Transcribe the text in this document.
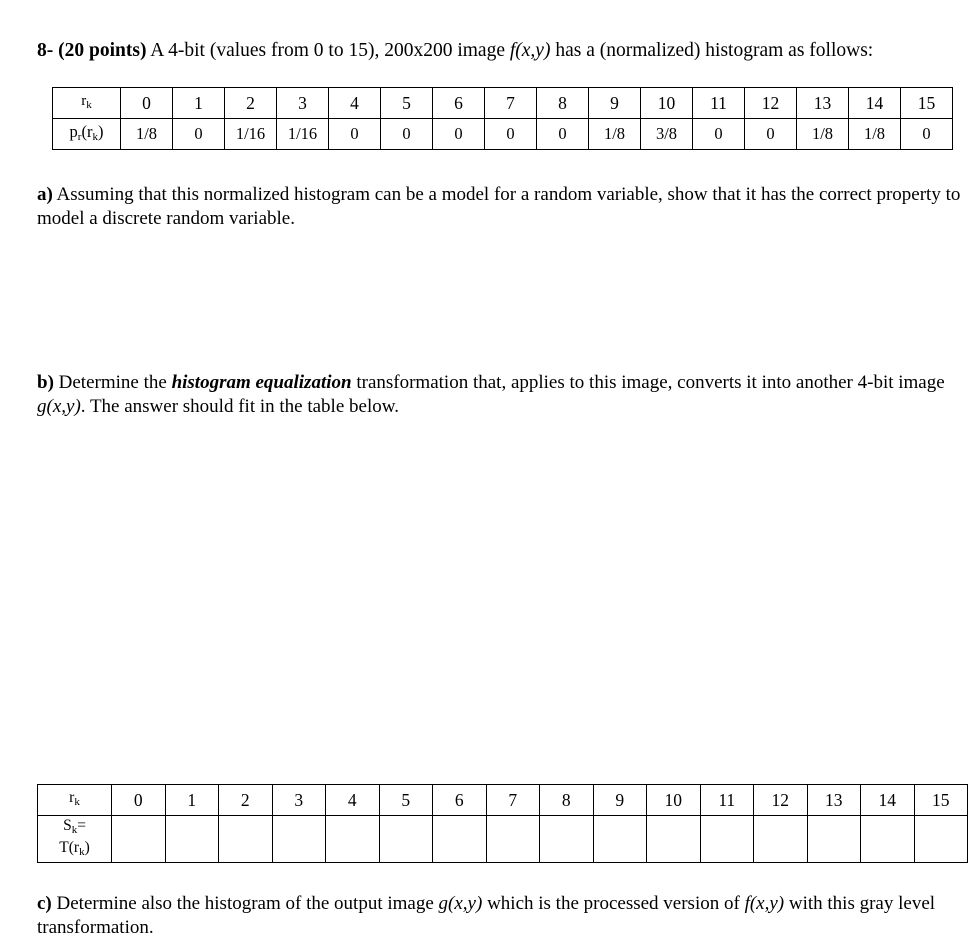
8- (20 points) A 4-bit (values from 0 to 15), 200x200 image f(x,y) has a (normalized) histogram as follows:
$r_k$	0	1	2	3	4	5	6	7	8	9	10	11	12	13	14	15
$p_r(r_k)$	1/8	0	1/16	1/16	0	0	0	0	0	1/8	3/8	0	0	1/8	1/8	0
a) Assuming that this normalized histogram can be a model for a random variable, show that it has the correct property to model a discrete random variable.
b) Determine the histogram equalization transformation that, applies to this image, converts it into another 4-bit image g(x,y). The answer should fit in the table below.
$r_k$	0	1	2	3	4	5	6	7	8	9	10	11	12	13	14	15
$S_k=$
$T(r_k)$																
c) Determine also the histogram of the output image g(x,y) which is the processed version of f(x,y) with this gray level transformation.
